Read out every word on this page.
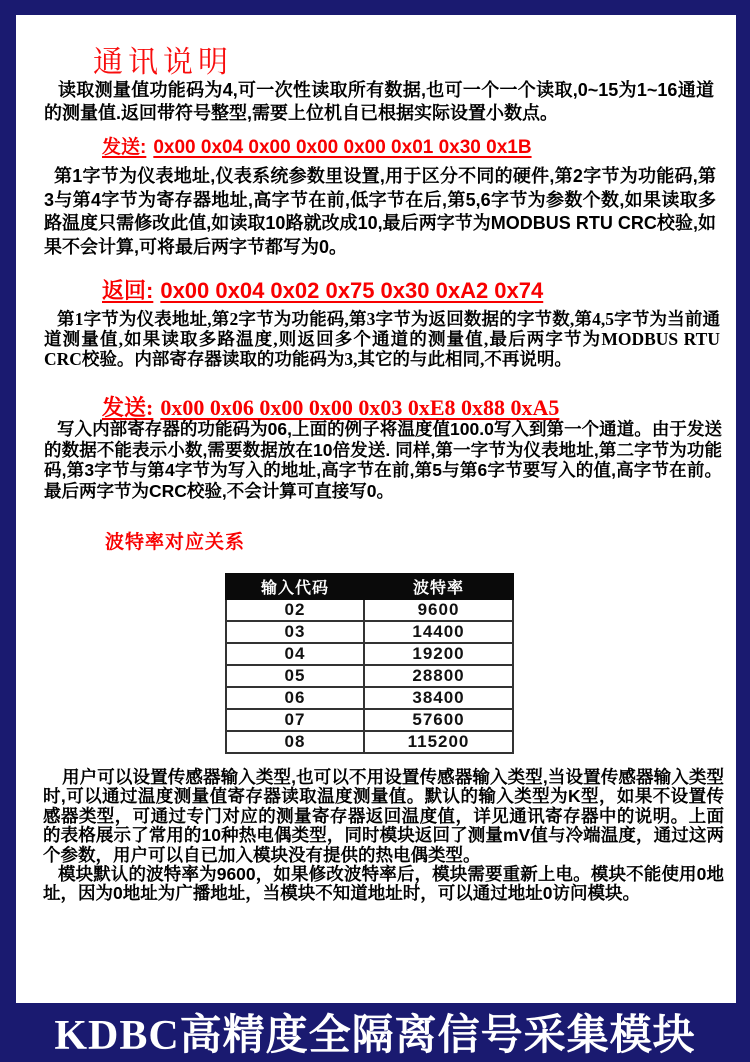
通讯说明

读取测量值功能码为4,可一次性读取所有数据,也可一个一个读取,0~15为1~16通道的测量值.返回带符号整型,需要上位机自已根据实际设置小数点。

发送: 0x00 0x04 0x00 0x00 0x00 0x01 0x30 0x1B

第1字节为仪表地址,仪表系统参数里设置,用于区分不同的硬件,第2字节为功能码,第3与第4字节为寄存器地址,高字节在前,低字节在后,第5,6字节为参数个数,如果读取多路温度只需修改此值,如读取10路就改成10,最后两字节为MODBUS RTU CRC校验,如果不会计算,可将最后两字节都写为0。

返回: 0x00 0x04 0x02 0x75 0x30 0xA2 0x74

第1字节为仪表地址,第2字节为功能码,第3字节为返回数据的字节数,第4,5字节为当前通道测量值,如果读取多路温度,则返回多个通道的测量值,最后两字节为MODBUS RTU CRC校验。内部寄存器读取的功能码为3,其它的与此相同,不再说明。

发送: 0x00 0x06 0x00 0x00 0x03 0xE8 0x88 0xA5

写入内部寄存器的功能码为06,上面的例子将温度值100.0写入到第一个通道。由于发送的数据不能表示小数,需要数据放在10倍发送. 同样,第一字节为仪表地址,第二字节为功能码,第3字节与第4字节为写入的地址,高字节在前,第5与第6字节要写入的值,高字节在前。最后两字节为CRC校验,不会计算可直接写0。

波特率对应关系
输入代码	波特率
02	9600
03	14400
04	19200
05	28800
06	38400
07	57600
08	115200

用户可以设置传感器输入类型,也可以不用设置传感器输入类型,当设置传感器输入类型时,可以通过温度测量值寄存器读取温度测量值。默认的输入类型为K型，如果不设置传感器类型，可通过专门对应的测量寄存器返回温度值，详见通讯寄存器中的说明。上面的表格展示了常用的10种热电偶类型，同时模块返回了测量mV值与冷端温度，通过这两个参数，用户可以自已加入模块没有提供的热电偶类型。

模块默认的波特率为9600，如果修改波特率后，模块需要重新上电。模块不能使用0地址，因为0地址为广播地址，当模块不知道地址时，可以通过地址0访问模块。

KDBC高精度全隔离信号采集模块
